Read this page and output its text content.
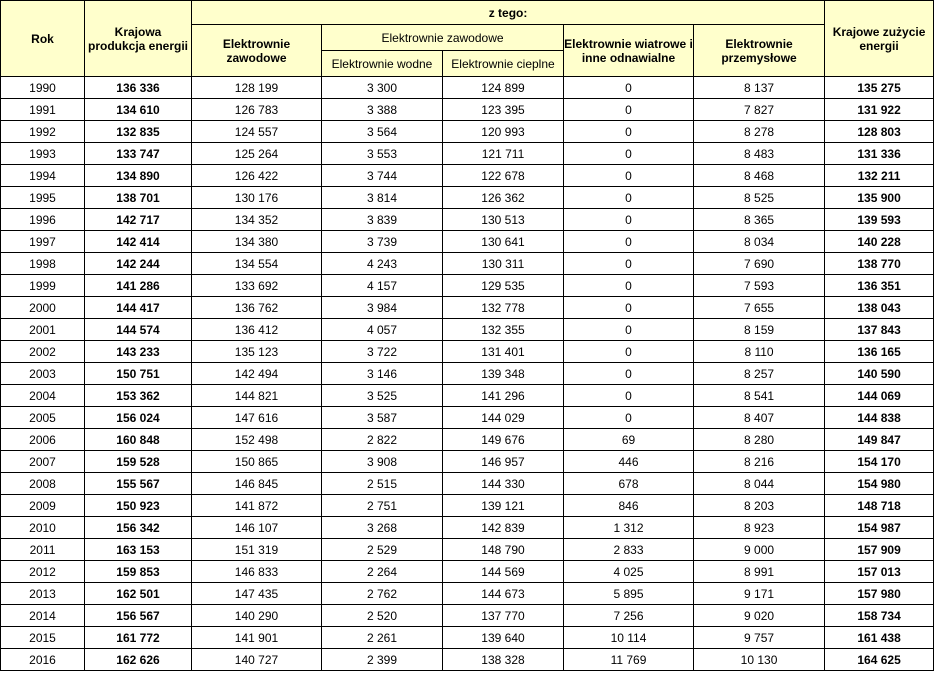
Rok	Krajowa produkcja energii	z tego:					Krajowe zużycie energii
		Elektrownie zawodowe	Elektrownie zawodowe		Elektrownie wiatrowe i inne odnawialne	Elektrownie przemysłowe	
			Elektrownie wodne	Elektrownie cieplne			
1990	136 336	128 199	3 300	124 899	0	8 137	135 275
1991	134 610	126 783	3 388	123 395	0	7 827	131 922
1992	132 835	124 557	3 564	120 993	0	8 278	128 803
1993	133 747	125 264	3 553	121 711	0	8 483	131 336
1994	134 890	126 422	3 744	122 678	0	8 468	132 211
1995	138 701	130 176	3 814	126 362	0	8 525	135 900
1996	142 717	134 352	3 839	130 513	0	8 365	139 593
1997	142 414	134 380	3 739	130 641	0	8 034	140 228
1998	142 244	134 554	4 243	130 311	0	7 690	138 770
1999	141 286	133 692	4 157	129 535	0	7 593	136 351
2000	144 417	136 762	3 984	132 778	0	7 655	138 043
2001	144 574	136 412	4 057	132 355	0	8 159	137 843
2002	143 233	135 123	3 722	131 401	0	8 110	136 165
2003	150 751	142 494	3 146	139 348	0	8 257	140 590
2004	153 362	144 821	3 525	141 296	0	8 541	144 069
2005	156 024	147 616	3 587	144 029	0	8 407	144 838
2006	160 848	152 498	2 822	149 676	69	8 280	149 847
2007	159 528	150 865	3 908	146 957	446	8 216	154 170
2008	155 567	146 845	2 515	144 330	678	8 044	154 980
2009	150 923	141 872	2 751	139 121	846	8 203	148 718
2010	156 342	146 107	3 268	142 839	1 312	8 923	154 987
2011	163 153	151 319	2 529	148 790	2 833	9 000	157 909
2012	159 853	146 833	2 264	144 569	4 025	8 991	157 013
2013	162 501	147 435	2 762	144 673	5 895	9 171	157 980
2014	156 567	140 290	2 520	137 770	7 256	9 020	158 734
2015	161 772	141 901	2 261	139 640	10 114	9 757	161 438
2016	162 626	140 727	2 399	138 328	11 769	10 130	164 625
